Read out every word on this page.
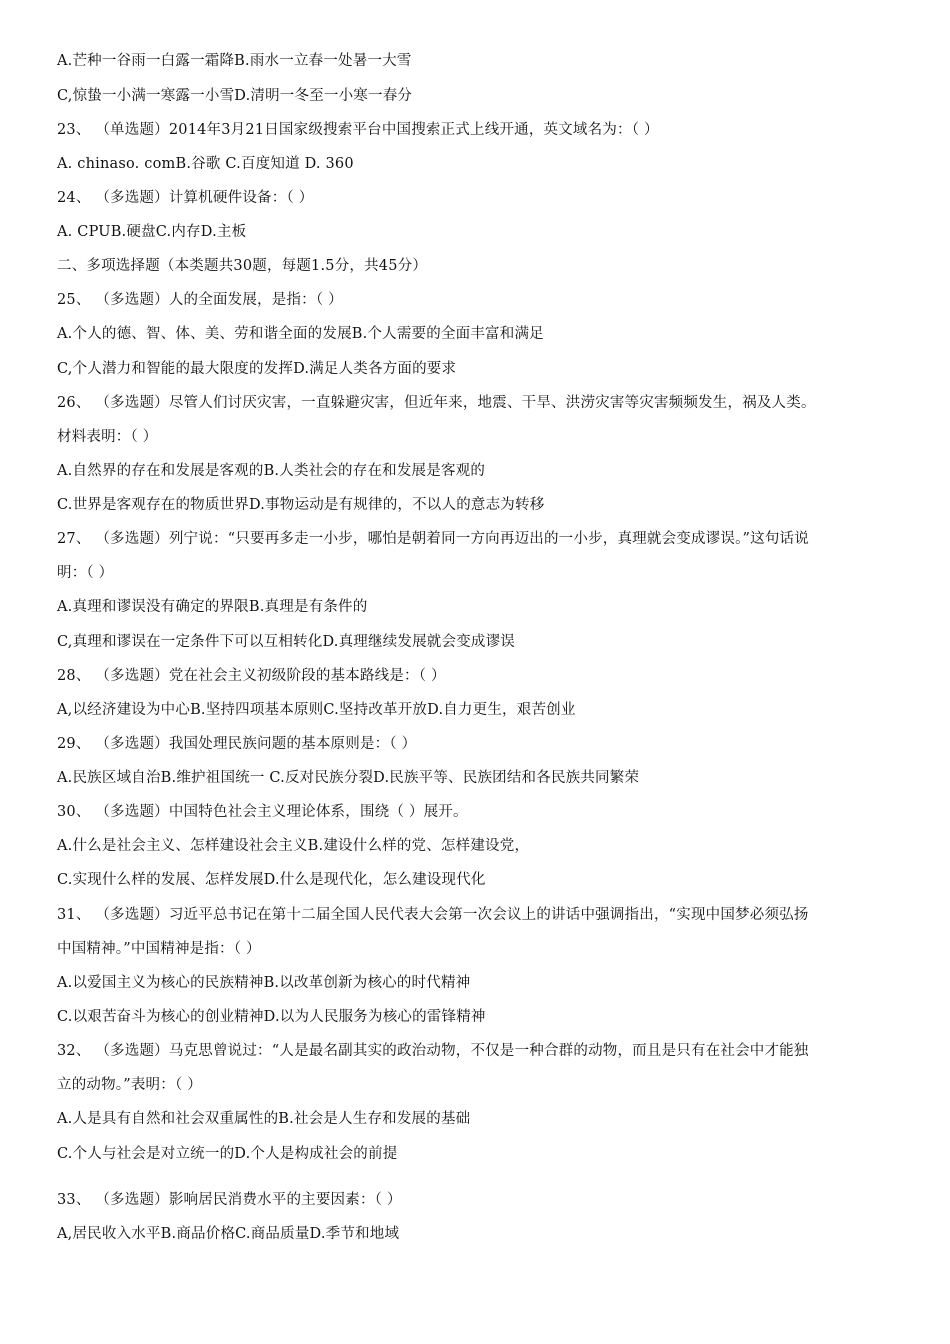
A.芒种一谷雨一白露一霜降B.雨水一立春一处暑一大雪
C,惊蛰一小满一寒露一小雪D.清明一冬至一小寒一春分
23、 （单选题）2014年3月21日国家级搜索平台中国搜索正式上线开通，英文域名为：（ ）
A. chinaso. comB.谷歌 C.百度知道 D. 360
24、 （多选题）计算机硬件设备：（ ）
A. CPUB.硬盘C.内存D.主板
二、多项选择题（本类题共30题，每题1.5分，共45分）
25、 （多选题）人的全面发展，是指：（ ）
A.个人的德、智、体、美、劳和谐全面的发展B.个人需要的全面丰富和满足
C,个人潜力和智能的最大限度的发挥D.满足人类各方面的要求
26、 （多选题）尽管人们讨厌灾害，一直躲避灾害，但近年来，地震、干旱、洪涝灾害等灾害频频发生，祸及人类。
材料表明：（ ）
A.自然界的存在和发展是客观的B.人类社会的存在和发展是客观的
C.世界是客观存在的物质世界D.事物运动是有规律的，不以人的意志为转移
27、 （多选题）列宁说：“只要再多走一小步，哪怕是朝着同一方向再迈出的一小步，真理就会变成谬误。”这句话说
明：（ ）
A.真理和谬误没有确定的界限B.真理是有条件的
C,真理和谬误在一定条件下可以互相转化D.真理继续发展就会变成谬误
28、 （多选题）党在社会主义初级阶段的基本路线是：（ ）
A,以经济建设为中心B.坚持四项基本原则C.坚持改革开放D.自力更生，艰苦创业
29、 （多选题）我国处理民族问题的基本原则是：（ ）
A.民族区域自治B.维护祖国统一 C.反对民族分裂D.民族平等、民族团结和各民族共同繁荣
30、 （多选题）中国特色社会主义理论体系，围绕（ ）展开。
A.什么是社会主义、怎样建设社会主义B.建设什么样的党、怎样建设党，
C.实现什么样的发展、怎样发展D.什么是现代化，怎么建设现代化
31、 （多选题）习近平总书记在第十二届全国人民代表大会第一次会议上的讲话中强调指出，“实现中国梦必须弘扬
中国精神。”中国精神是指：（ ）
A.以爱国主义为核心的民族精神B.以改革创新为核心的时代精神
C.以艰苦奋斗为核心的创业精神D.以为人民服务为核心的雷锋精神
32、 （多选题）马克思曾说过：“人是最名副其实的政治动物，不仅是一种合群的动物，而且是只有在社会中才能独
立的动物。”表明：（ ）
A.人是具有自然和社会双重属性的B.社会是人生存和发展的基础
C.个人与社会是对立统一的D.个人是构成社会的前提
33、 （多选题）影响居民消费水平的主要因素：（ ）
A,居民收入水平B.商品价格C.商品质量D.季节和地域
